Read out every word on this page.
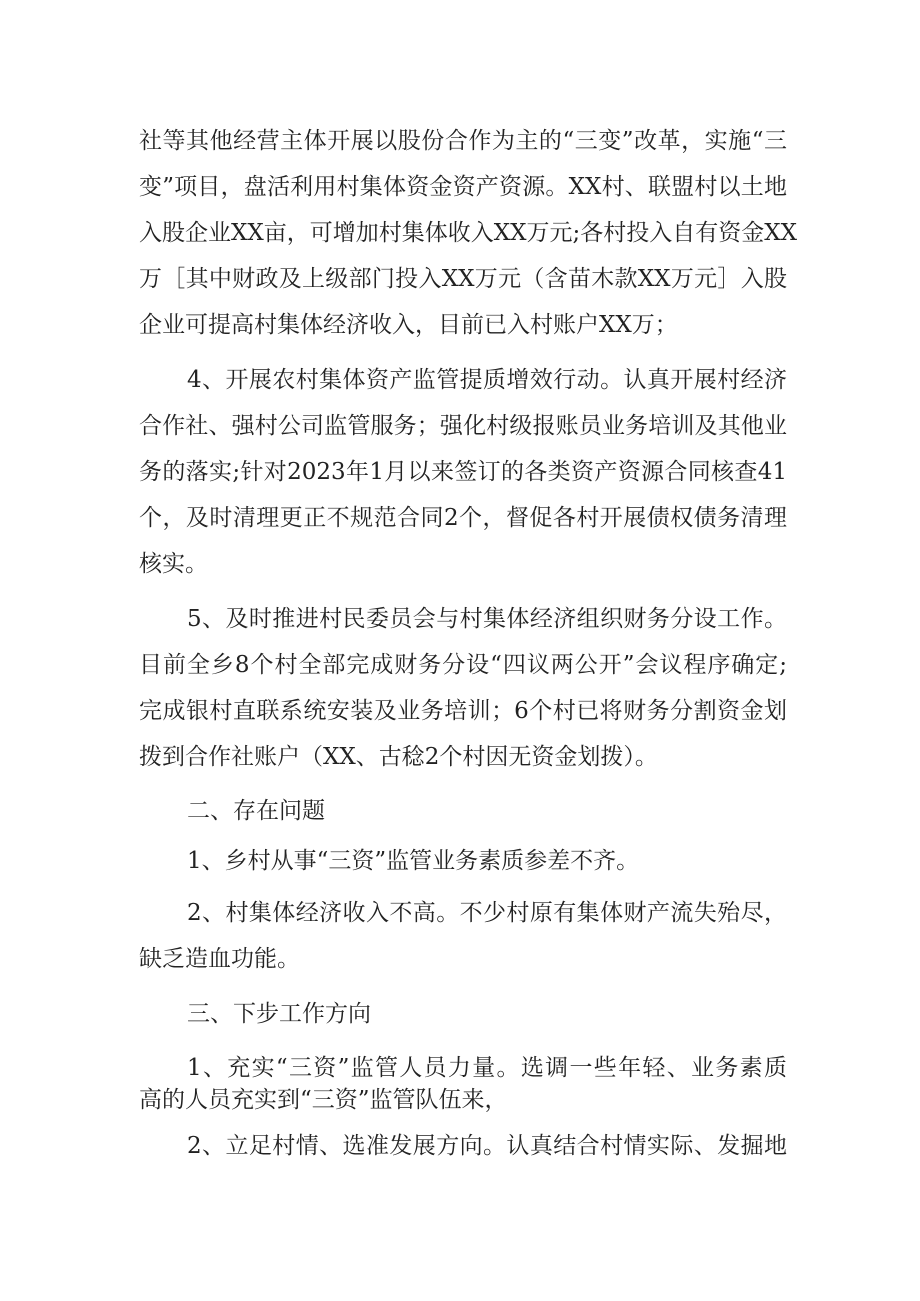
社等其他经营主体开展以股份合作为主的“三变”改革，实施“三
变”项目，盘活利用村集体资金资产资源。XX村、联盟村以土地
入股企业XX亩，可增加村集体收入XX万元;各村投入自有资金XX
万［其中财政及上级部门投入XX万元（含苗木款XX万元］入股
企业可提高村集体经济收入，目前已入村账户XX万；
4、开展农村集体资产监管提质增效行动。认真开展村经济
合作社、强村公司监管服务；强化村级报账员业务培训及其他业
务的落实;针对2023年1月以来签订的各类资产资源合同核查41
个，及时清理更正不规范合同2个，督促各村开展债权债务清理
核实。
5、及时推进村民委员会与村集体经济组织财务分设工作。
目前全乡8个村全部完成财务分设“四议两公开”会议程序确定;
完成银村直联系统安装及业务培训；6个村已将财务分割资金划
拨到合作社账户（XX、古稔2个村因无资金划拨）。
二、存在问题
1、乡村从事“三资”监管业务素质参差不齐。
2、村集体经济收入不高。不少村原有集体财产流失殆尽，
缺乏造血功能。
三、下步工作方向
1、充实“三资”监管人员力量。选调一些年轻、业务素质
高的人员充实到“三资”监管队伍来，
2、立足村情、选准发展方向。认真结合村情实际、发掘地
